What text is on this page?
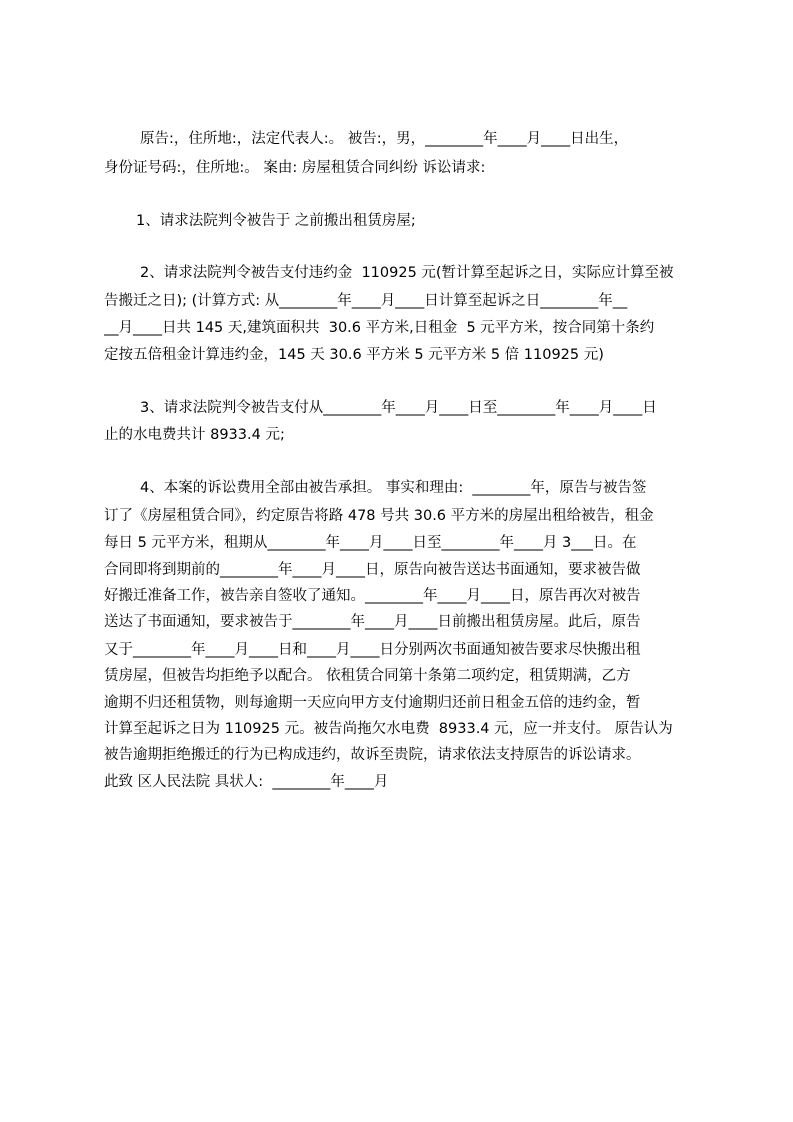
原告:，住所地:，法定代表人:。 被告:，男，________年____月____日出生，
身份证号码:，住所地:。 案由: 房屋租赁合同纠纷 诉讼请求:
1、请求法院判令被告于 之前搬出租赁房屋;
2、请求法院判令被告支付违约金  110925 元(暂计算至起诉之日，实际应计算至被
告搬迁之日); (计算方式: 从________年____月____日计算至起诉之日________年__
__月____日共 145 天,建筑面积共  30.6 平方米,日租金  5 元平方米，按合同第十条约
定按五倍租金计算违约金，145 天 30.6 平方米 5 元平方米 5 倍 110925 元)
3、请求法院判令被告支付从________年____月____日至________年____月____日
止的水电费共计 8933.4 元;
4、本案的诉讼费用全部由被告承担。 事实和理由:  ________年，原告与被告签
订了《房屋租赁合同》，约定原告将路 478 号共 30.6 平方米的房屋出租给被告，租金
每日 5 元平方米，租期从________年____月____日至________年____月 3___日。在
合同即将到期前的________年____月____日，原告向被告送达书面通知，要求被告做
好搬迁准备工作，被告亲自签收了通知。________年____月____日，原告再次对被告
送达了书面通知，要求被告于________年____月____日前搬出租赁房屋。此后，原告
又于________年____月____日和____月____日分别两次书面通知被告要求尽快搬出租
赁房屋，但被告均拒绝予以配合。 依租赁合同第十条第二项约定，租赁期满，乙方
逾期不归还租赁物，则每逾期一天应向甲方支付逾期归还前日租金五倍的违约金，暂
计算至起诉之日为 110925 元。被告尚拖欠水电费  8933.4 元，应一并支付。 原告认为
被告逾期拒绝搬迁的行为已构成违约，故诉至贵院，请求依法支持原告的诉讼请求。
此致 区人民法院 具状人:  ________年____月
